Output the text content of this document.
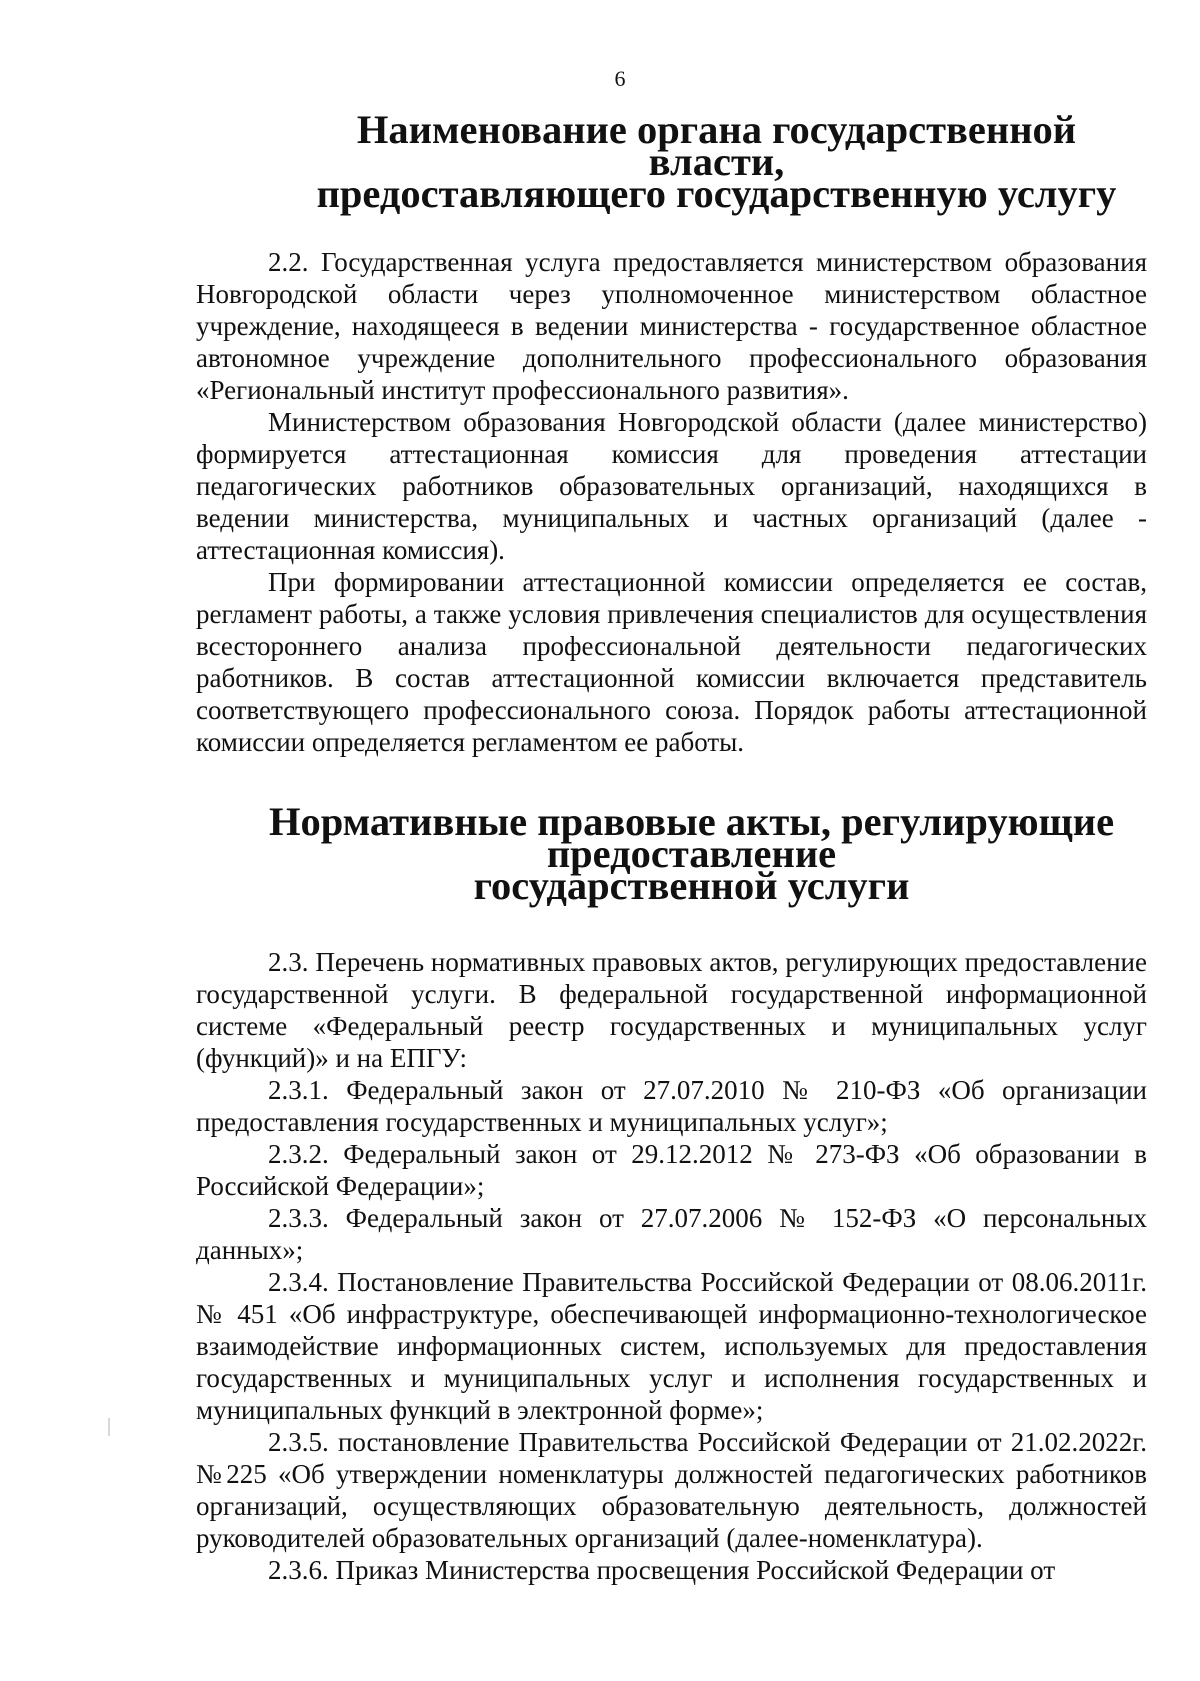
6
Наименование органа государственной власти,
предоставляющего государственную услугу

2.2. Государственная услуга предоставляется министерством образования Новгородской области через уполномоченное министерством областное учреждение, находящееся в ведении министерства - государственное областное автономное учреждение дополнительного профессионального образования «Региональный институт профессионального развития».

Министерством образования Новгородской области (далее министерство) формируется аттестационная комиссия для проведения аттестации педагогических работников образовательных организаций, находящихся в ведении министерства, муниципальных и частных организаций (далее - аттестационная комиссия).

При формировании аттестационной комиссии определяется ее состав, регламент работы, а также условия привлечения специалистов для осуществления всестороннего анализа профессиональной деятельности педагогических работников. В состав аттестационной комиссии включается представитель соответствующего профессионального союза. Порядок работы аттестационной комиссии определяется регламентом ее работы.

Нормативные правовые акты, регулирующие предоставление
государственной услуги

2.3. Перечень нормативных правовых актов, регулирующих предоставление государственной услуги. В федеральной государственной информационной системе «Федеральный реестр государственных и муниципальных услуг (функций)» и на ЕПГУ:

2.3.1. Федеральный закон от 27.07.2010 № 210-ФЗ «Об организации предоставления государственных и муниципальных услуг»;

2.3.2. Федеральный закон от 29.12.2012 № 273-ФЗ «Об образовании в Российской Федерации»;

2.3.3. Федеральный закон от 27.07.2006 № 152-ФЗ «О персональных данных»;

2.3.4. Постановление Правительства Российской Федерации от 08.06.2011г. № 451 «Об инфраструктуре, обеспечивающей информационно-технологическое взаимодействие информационных систем, используемых для предоставления государственных и муниципальных услуг и исполнения государственных и муниципальных функций в электронной форме»;

2.3.5. постановление Правительства Российской Федерации от 21.02.2022г. №225 «Об утверждении номенклатуры должностей педагогических работников организаций, осуществляющих образовательную деятельность, должностей руководителей образовательных организаций (далее-номенклатура).

2.3.6. Приказ Министерства просвещения Российской Федерации от
